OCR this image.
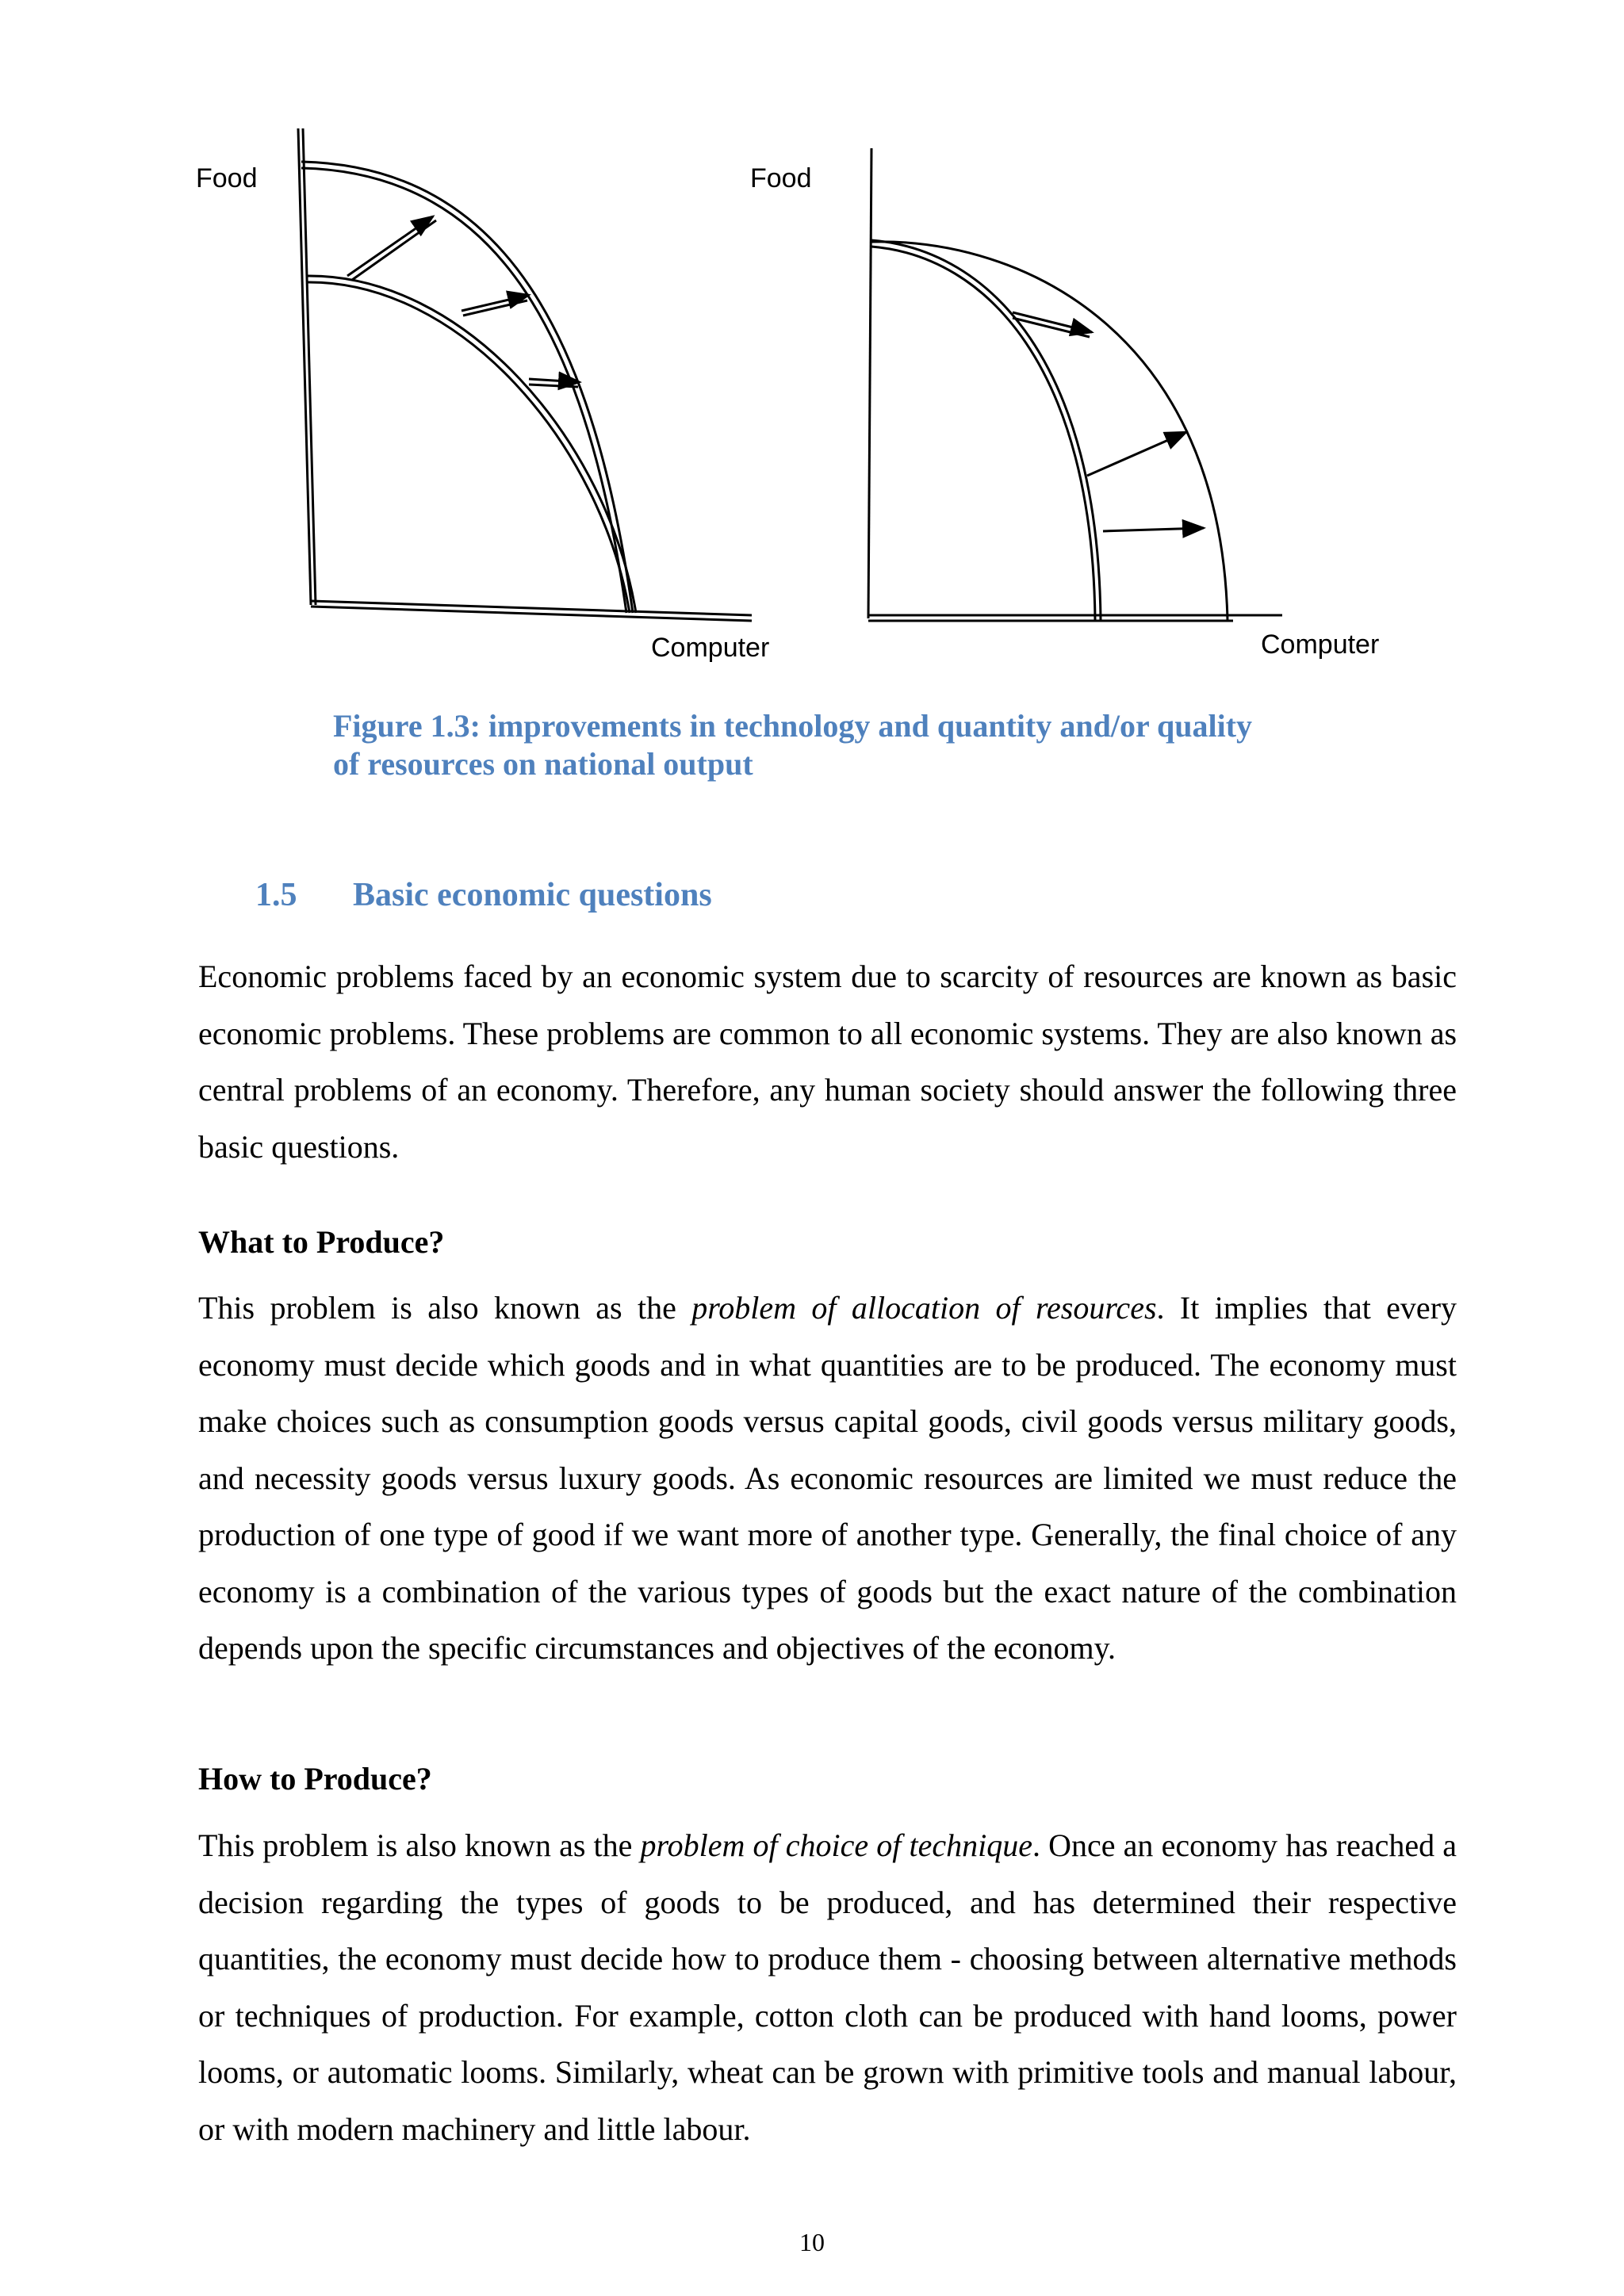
Food
Computer
Food
Computer
Figure 1.3: improvements in technology and quantity and/or quality
of resources on national output
1.5 Basic economic questions

Economic problems faced by an economic system due to scarcity of resources are known as basic economic problems. These problems are common to all economic systems. They are also known as central problems of an economy. Therefore, any human society should answer the following three basic questions.

What to Produce?

This problem is also known as the problem of allocation of resources. It implies that every economy must decide which goods and in what quantities are to be produced. The economy must make choices such as consumption goods versus capital goods, civil goods versus military goods, and necessity goods versus luxury goods. As economic resources are limited we must reduce the production of one type of good if we want more of another type. Generally, the final choice of any economy is a combination of the various types of goods but the exact nature of the combination depends upon the specific circumstances and objectives of the economy.

How to Produce?

This problem is also known as the problem of choice of technique. Once an economy has reached a decision regarding the types of goods to be produced, and has determined their respective quantities, the economy must decide how to produce them - choosing between alternative methods or techniques of production. For example, cotton cloth can be produced with hand looms, power looms, or automatic looms. Similarly, wheat can be grown with primitive tools and manual labour, or with modern machinery and little labour.

10
